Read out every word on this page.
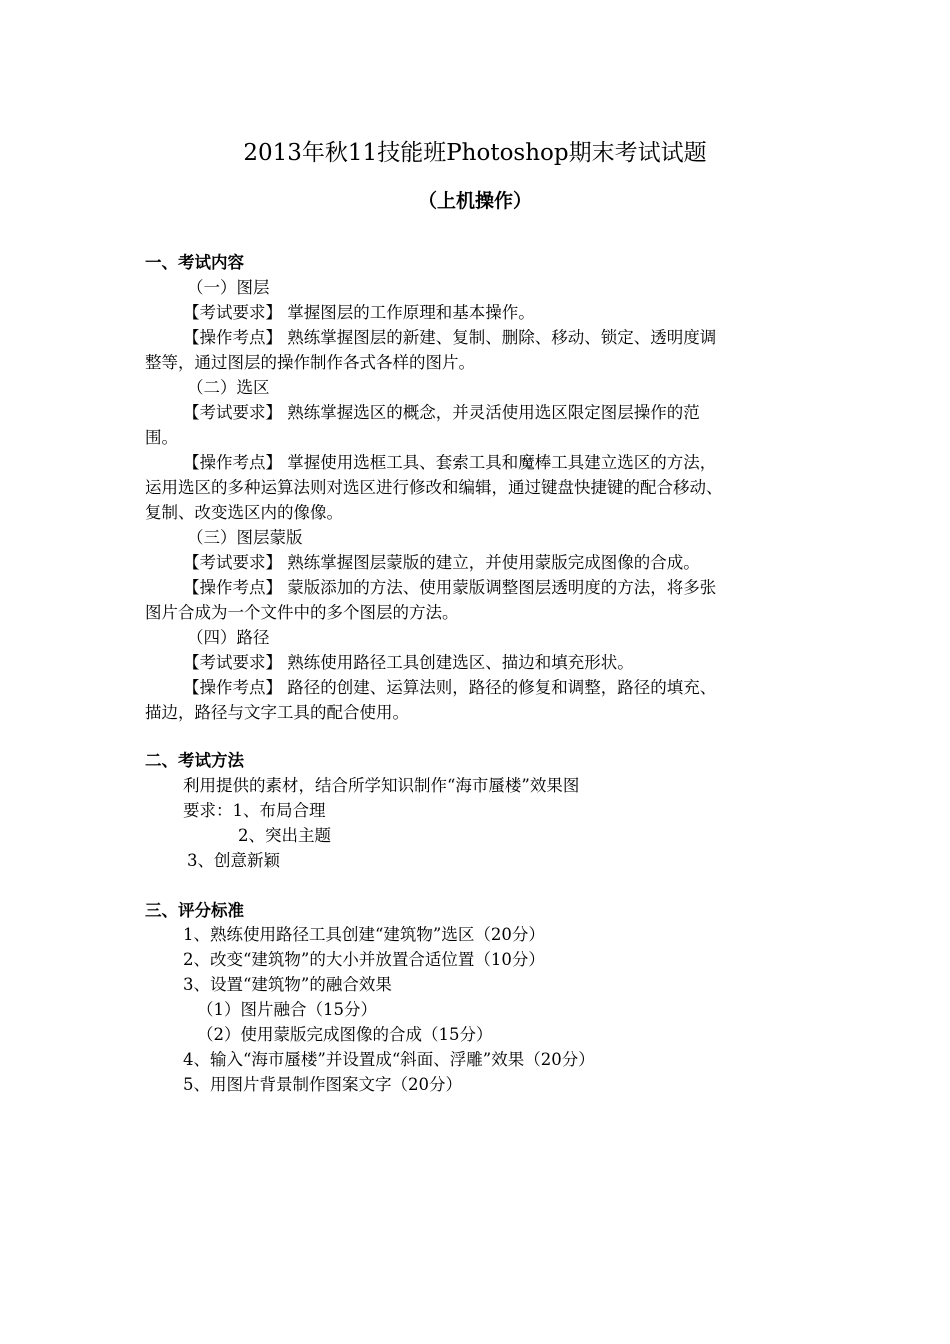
2013年秋11技能班Photoshop期末考试试题
（上机操作）
一、考试内容
（一）图层
【考试要求】 掌握图层的工作原理和基本操作。
【操作考点】 熟练掌握图层的新建、复制、删除、移动、锁定、透明度调
整等，通过图层的操作制作各式各样的图片。
（二）选区
【考试要求】 熟练掌握选区的概念，并灵活使用选区限定图层操作的范
围。
【操作考点】 掌握使用选框工具、套索工具和魔棒工具建立选区的方法，
运用选区的多种运算法则对选区进行修改和编辑，通过键盘快捷键的配合移动、
复制、改变选区内的像像。
（三）图层蒙版
【考试要求】 熟练掌握图层蒙版的建立，并使用蒙版完成图像的合成。
【操作考点】 蒙版添加的方法、使用蒙版调整图层透明度的方法，将多张
图片合成为一个文件中的多个图层的方法。
（四）路径
【考试要求】 熟练使用路径工具创建选区、描边和填充形状。
【操作考点】 路径的创建、运算法则，路径的修复和调整，路径的填充、
描边，路径与文字工具的配合使用。
二、考试方法
利用提供的素材，结合所学知识制作“海市蜃楼”效果图
要求：1、布局合理
2、突出主题
3、创意新颖
三、评分标准
1、熟练使用路径工具创建“建筑物”选区（20分）
2、改变“建筑物”的大小并放置合适位置（10分）
3、设置“建筑物”的融合效果
（1）图片融合（15分）
（2）使用蒙版完成图像的合成（15分）
4、输入“海市蜃楼”并设置成“斜面、浮雕”效果（20分）
5、用图片背景制作图案文字（20分）
